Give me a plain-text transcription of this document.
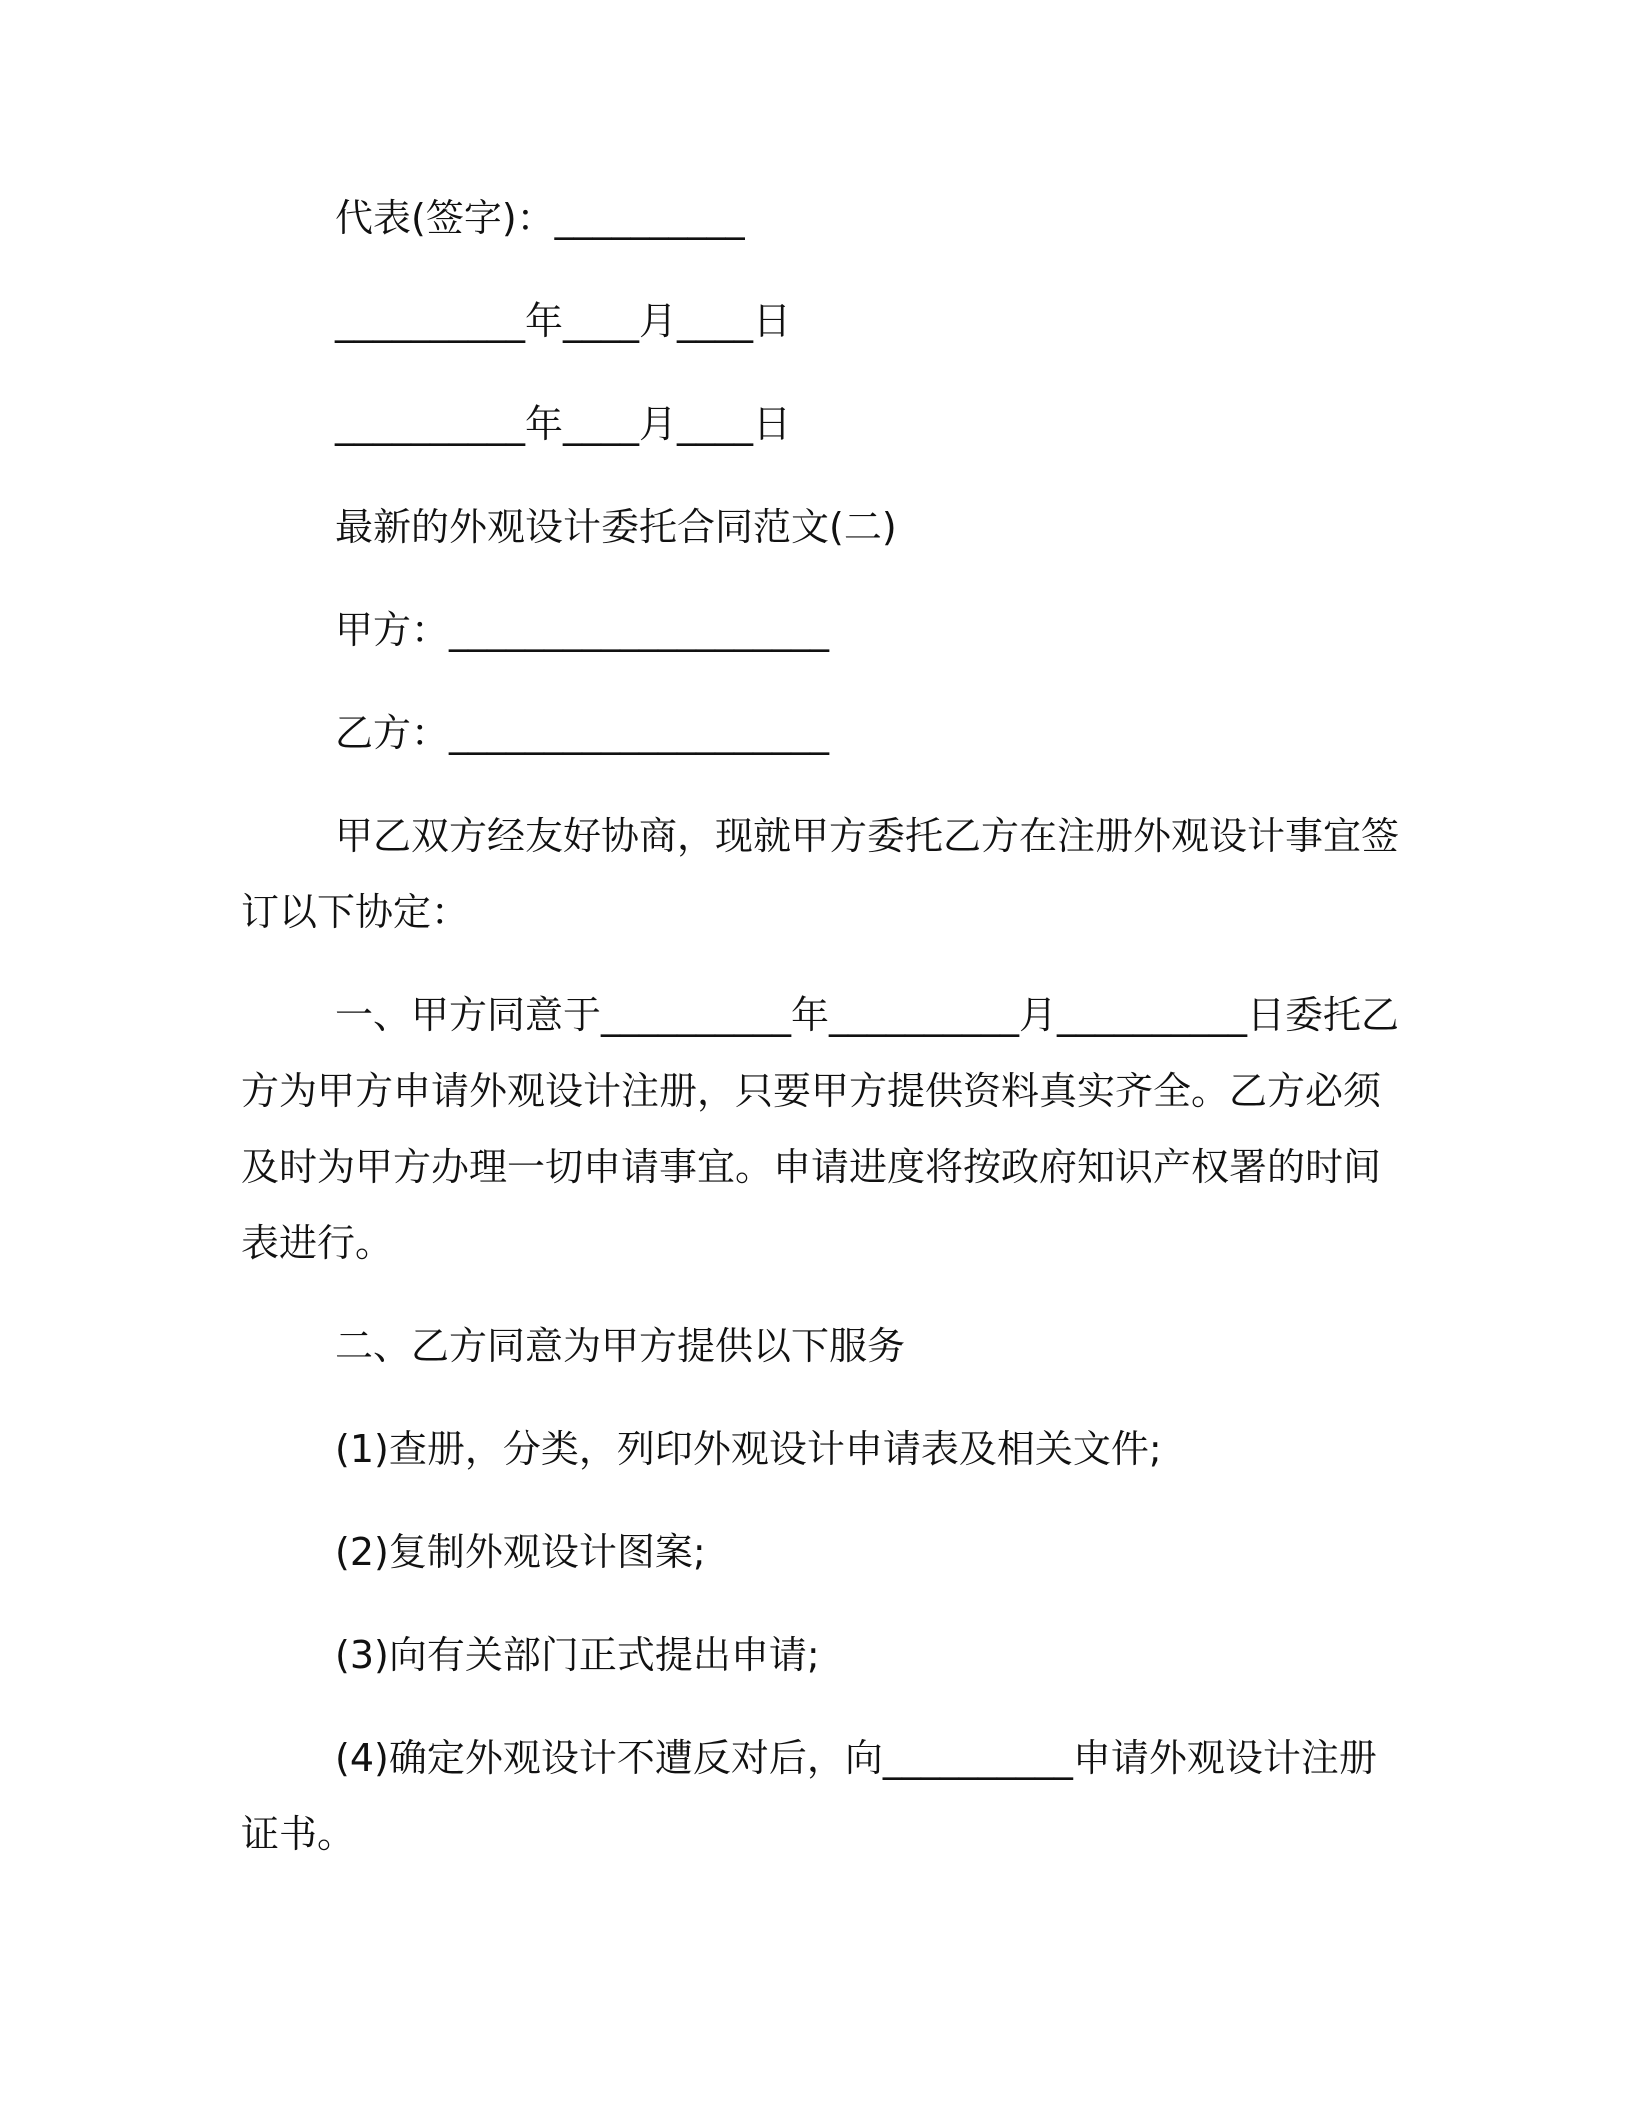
代表(签字)：__________
__________年____月____日
__________年____月____日
最新的外观设计委托合同范文(二)
甲方：____________________
乙方：____________________
甲乙双方经友好协商，现就甲方委托乙方在注册外观设计事宜签
订以下协定：
一、甲方同意于__________年__________月__________日委托乙
方为甲方申请外观设计注册，只要甲方提供资料真实齐全。乙方必须
及时为甲方办理一切申请事宜。申请进度将按政府知识产权署的时间
表进行。
二、乙方同意为甲方提供以下服务
(1)查册，分类，列印外观设计申请表及相关文件;
(2)复制外观设计图案;
(3)向有关部门正式提出申请;
(4)确定外观设计不遭反对后，向__________申请外观设计注册
证书。
